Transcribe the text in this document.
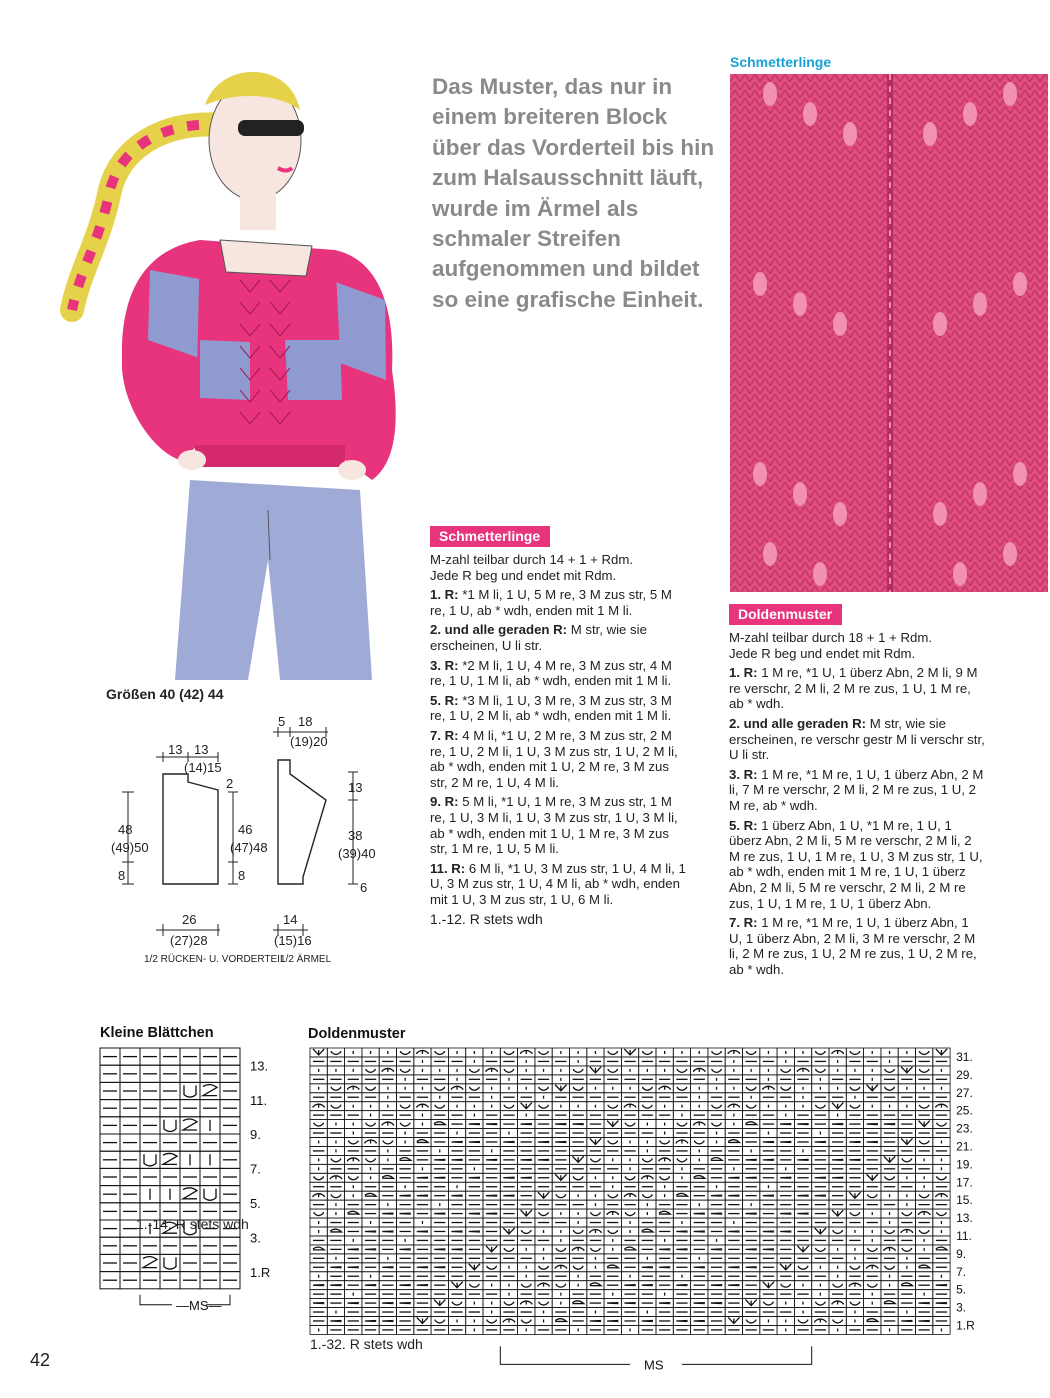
Das Muster, das nur in einem breiteren Block über das Vorderteil bis hin zum Halsausschnitt läuft, wurde im Ärmel als schmaler Streifen aufgenommen und bildet so eine grafische Einheit.
Schmetterlinge
Größen 40 (42) 44
13 13
(14)15
48
(49)50
8
2
46
(47)48
8
26
(27)28
1/2 RÜCKEN- U. VORDERTEIL
5 18
(19)20
13
38
(39)40
6
14
(15)16
1/2 ÄRMEL
Schmetterlinge
M-zahl teilbar durch 14 + 1 + Rdm.
Jede R beg und endet mit Rdm.

1. R: *1 M li, 1 U, 5 M re, 3 M zus str, 5 M re, 1 U, ab * wdh, enden mit 1 M li.

2. und alle geraden R: M str, wie sie erscheinen, U li str.

3. R: *2 M li, 1 U, 4 M re, 3 M zus str, 4 M re, 1 U, 1 M li, ab * wdh, enden mit 1 M li.

5. R: *3 M li, 1 U, 3 M re, 3 M zus str, 3 M re, 1 U, 2 M li, ab * wdh, enden mit 1 M li.

7. R: 4 M li, *1 U, 2 M re, 3 M zus str, 2 M re, 1 U, 2 M li, 1 U, 3 M zus str, 1 U, 2 M li, ab * wdh, enden mit 1 U, 2 M re, 3 M zus str, 2 M re, 1 U, 4 M li.

9. R: 5 M li, *1 U, 1 M re, 3 M zus str, 1 M re, 1 U, 3 M li, 1 U, 3 M zus str, 1 U, 3 M li, ab * wdh, enden mit 1 U, 1 M re, 3 M zus str, 1 M re, 1 U, 5 M li.

11. R: 6 M li, *1 U, 3 M zus str, 1 U, 4 M li, 1 U, 3 M zus str, 1 U, 4 M li, ab * wdh, enden mit 1 U, 3 M zus str, 1 U, 6 M li.

1.-12. R stets wdh
Doldenmuster
M-zahl teilbar durch 18 + 1 + Rdm.
Jede R beg und endet mit Rdm.

1. R: 1 M re, *1 U, 1 überz Abn, 2 M li, 9 M re verschr, 2 M li, 2 M re zus, 1 U, 1 M re, ab * wdh.

2. und alle geraden R: M str, wie sie erscheinen, re verschr gestr M li verschr str, U li str.

3. R: 1 M re, *1 M re, 1 U, 1 überz Abn, 2 M li, 7 M re verschr, 2 M li, 2 M re zus, 1 U, 2 M re, ab * wdh.

5. R: 1 überz Abn, 1 U, *1 M re, 1 U, 1 überz Abn, 2 M li, 5 M re verschr, 2 M li, 2 M re zus, 1 U, 1 M re, 1 U, 3 M zus str, 1 U, ab * wdh, enden mit 1 M re, 1 U, 1 überz Abn, 2 M li, 5 M re verschr, 2 M li, 2 M re zus, 1 U, 1 M re, 1 U, 1 überz Abn.

7. R: 1 M re, *1 M re, 1 U, 1 überz Abn, 1 U, 1 überz Abn, 2 M li, 3 M re verschr, 2 M li, 2 M re zus, 1 U, 2 M re zus, 1 U, 2 M re, ab * wdh.

Kleine Blättchen	Doldenmuster
13.
11.
9.
7.
5.
3.
1.R
—MS—
1.-14. R stets wdh
31.
29.
27.
25.
23.
21.
19.
17.
15.
13.
11.
9.
7.
5.
3.
1.R
MS
1.-32. R stets wdh
42
